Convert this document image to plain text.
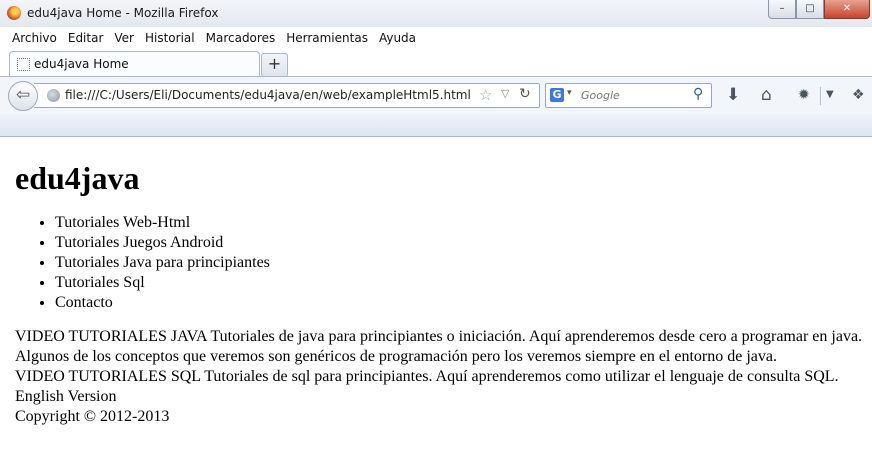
edu4java Home - Mozilla Firefox	–	□	✕
Archivo Editar Ver Historial Marcadores Herramientas Ayuda
edu4java Home	+
file:///C:/Users/Eli/Documents/edu4java/en/web/exampleHtml5.html ☆ ▽ ↻
⇦	G ▾ Google	⚲ ⬇ ⌂ ✹ ▼ ❖
edu4java
• Tutoriales Web-Html
• Tutoriales Juegos Android
• Tutoriales Java para principiantes
• Tutoriales Sql
• Contacto
VIDEO TUTORIALES JAVA Tutoriales de java para principiantes o iniciación. Aquí aprenderemos desde cero a programar en java.
Algunos de los conceptos que veremos son genéricos de programación pero los veremos siempre en el entorno de java.
VIDEO TUTORIALES SQL Tutoriales de sql para principiantes. Aquí aprenderemos como utilizar el lenguaje de consulta SQL.
English Version
Copyright © 2012-2013
